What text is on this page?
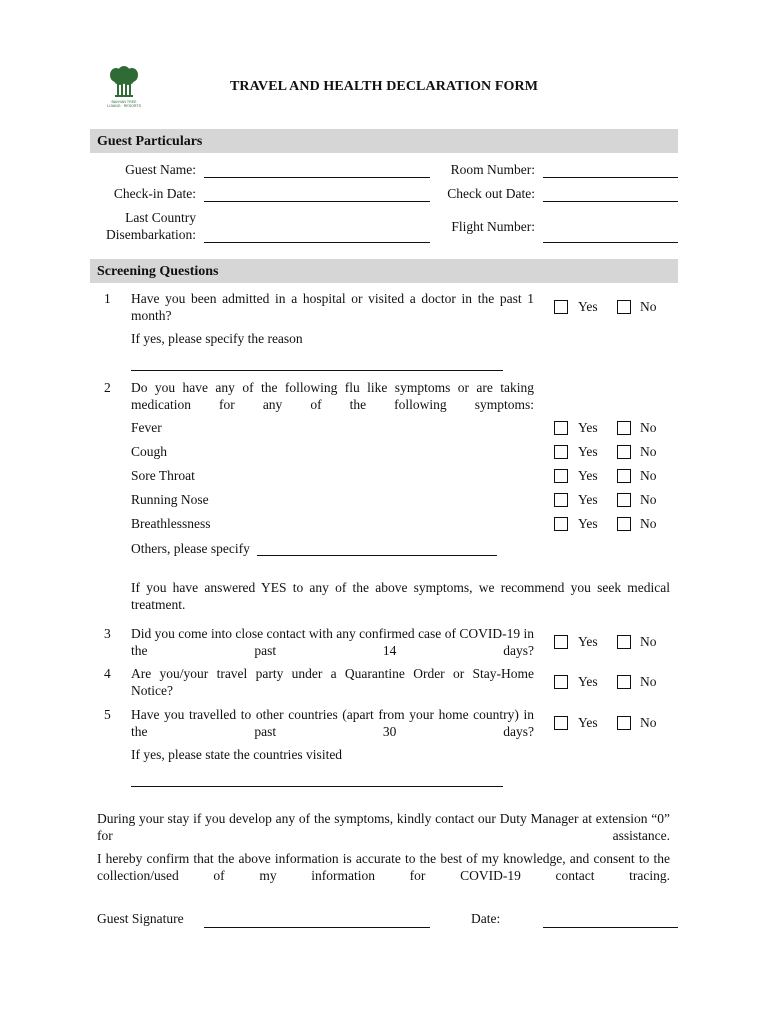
BANYAN TREE
LIJIANG · RESORTS
TRAVEL AND HEALTH DECLARATION FORM
Guest Particulars
Guest Name:	Room Number:
Check-in Date:	Check out Date:
Last Country
Disembarkation:
Flight Number:
Screening Questions
1	Have you been admitted in a hospital or visited a doctor in the past 1 month?
Yes	No
If yes, please specify the reason
2	Do you have any of the following flu like symptoms or are taking medication for any of the following symptoms:
Fever	Yes	No
Cough	Yes	No
Sore Throat	Yes	No
Running Nose	Yes	No
Breathlessness	Yes	No
Others, please specify
If you have answered YES to any of the above symptoms, we recommend you seek medical treatment.
3	Did you come into close contact with any confirmed case of COVID-19 in the past 14 days?
Yes	No
4	Are you/your travel party under a Quarantine Order or Stay-Home Notice?
Yes	No
5	Have you travelled to other countries (apart from your home country) in the past 30 days?
Yes	No
If yes, please state the countries visited
During your stay if you develop any of the symptoms, kindly contact our Duty Manager at extension “0” for assistance.
I hereby confirm that the above information is accurate to the best of my knowledge, and consent to the collection/used of my information for COVID-19 contact tracing.
Guest Signature	Date:
